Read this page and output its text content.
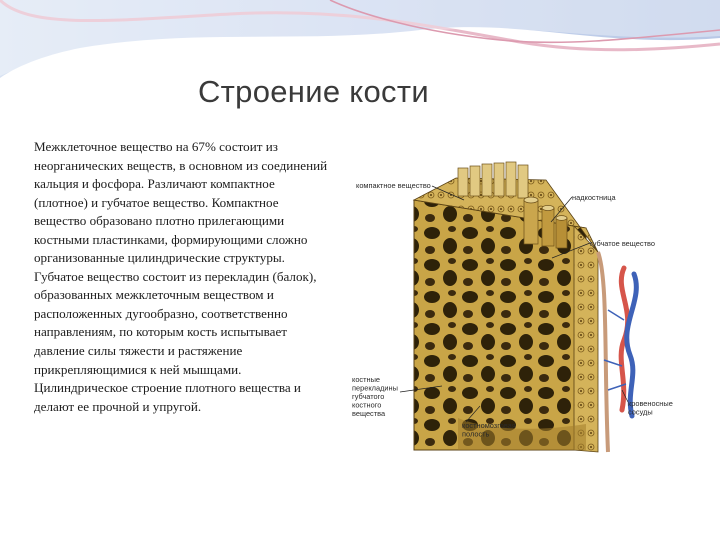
Строение кости

Межклеточное вещество на 67% состоит из неорганических веществ, в основном из соединений кальция и фосфора. Различают компактное (плотное) и губчатое вещество. Компактное вещество образовано плотно прилегающими костными пластинками, формирующими сложно организованные цилиндрические структуры. Губчатое вещество состоит из перекладин (балок), образованных межклеточным веществом и расположенных дугообразно, соответственно направлениям, по которым кость испытывает давление силы тяжести и растяжение прикрепляющимися к ней мышцами. Цилиндрическое строение плотного вещества и делают ее прочной и упругой.

компактное вещество
надкостница
губчатое вещество
костные
перекладины
губчатого
костного
вещества
костномозговая
полость
кровеносные
сосуды
